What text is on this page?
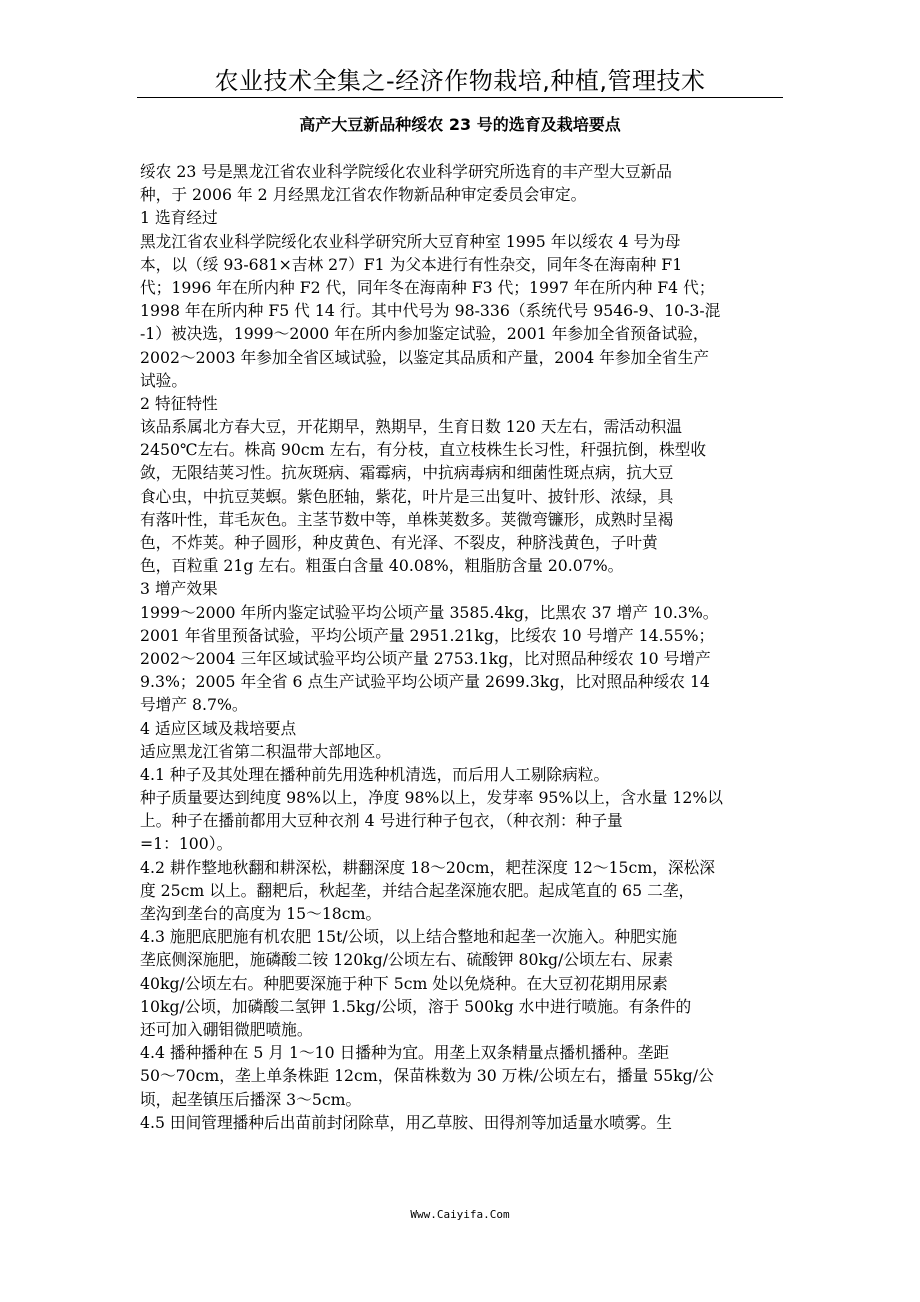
农业技术全集之-经济作物栽培,种植,管理技术
高产大豆新品种绥农 23 号的选育及栽培要点
绥农 23 号是黑龙江省农业科学院绥化农业科学研究所选育的丰产型大豆新品
种，于 2006 年 2 月经黑龙江省农作物新品种审定委员会审定。
1 选育经过
黑龙江省农业科学院绥化农业科学研究所大豆育种室 1995 年以绥农 4 号为母
本，以（绥 93-681×吉林 27）F1 为父本进行有性杂交，同年冬在海南种 F1
代；1996 年在所内种 F2 代，同年冬在海南种 F3 代；1997 年在所内种 F4 代；
1998 年在所内种 F5 代 14 行。其中代号为 98-336（系统代号 9546-9、10-3-混
-1）被决选，1999～2000 年在所内参加鉴定试验，2001 年参加全省预备试验，
2002～2003 年参加全省区域试验，以鉴定其品质和产量，2004 年参加全省生产
试验。
2 特征特性
该品系属北方春大豆，开花期早，熟期早，生育日数 120 天左右，需活动积温
2450℃左右。株高 90cm 左右，有分枝，直立枝株生长习性，秆强抗倒，株型收
敛，无限结荚习性。抗灰斑病、霜霉病，中抗病毒病和细菌性斑点病，抗大豆
食心虫，中抗豆荚螟。紫色胚轴，紫花，叶片是三出复叶、披针形、浓绿，具
有落叶性，茸毛灰色。主茎节数中等，单株荚数多。荚微弯镰形，成熟时呈褐
色，不炸荚。种子圆形，种皮黄色、有光泽、不裂皮，种脐浅黄色，子叶黄
色，百粒重 21g 左右。粗蛋白含量 40.08%，粗脂肪含量 20.07%。
3 增产效果
1999～2000 年所内鉴定试验平均公顷产量 3585.4kg，比黑农 37 增产 10.3%。
2001 年省里预备试验，平均公顷产量 2951.21kg，比绥农 10 号增产 14.55%；
2002～2004 三年区域试验平均公顷产量 2753.1kg，比对照品种绥农 10 号增产
9.3%；2005 年全省 6 点生产试验平均公顷产量 2699.3kg，比对照品种绥农 14
号增产 8.7%。
4 适应区域及栽培要点
适应黑龙江省第二积温带大部地区。
4.1 种子及其处理在播种前先用选种机清选，而后用人工剔除病粒。
种子质量要达到纯度 98%以上，净度 98%以上，发芽率 95%以上，含水量 12%以
上。种子在播前都用大豆种衣剂 4 号进行种子包衣，（种衣剂：种子量
=1：100）。
4.2 耕作整地秋翻和耕深松，耕翻深度 18～20cm，耙茬深度 12～15cm，深松深
度 25cm 以上。翻耙后，秋起垄，并结合起垄深施农肥。起成笔直的 65 二垄，
垄沟到垄台的高度为 15～18cm。
4.3 施肥底肥施有机农肥 15t/公顷，以上结合整地和起垄一次施入。种肥实施
垄底侧深施肥，施磷酸二铵 120kg/公顷左右、硫酸钾 80kg/公顷左右、尿素
40kg/公顷左右。种肥要深施于种下 5cm 处以免烧种。在大豆初花期用尿素
10kg/公顷，加磷酸二氢钾 1.5kg/公顷，溶于 500kg 水中进行喷施。有条件的
还可加入硼钼微肥喷施。
4.4 播种播种在 5 月 1～10 日播种为宜。用垄上双条精量点播机播种。垄距
50～70cm，垄上单条株距 12cm，保苗株数为 30 万株/公顷左右，播量 55kg/公
顷，起垄镇压后播深 3～5cm。
4.5 田间管理播种后出苗前封闭除草，用乙草胺、田得剂等加适量水喷雾。生
Www.Caiyifa.Com
